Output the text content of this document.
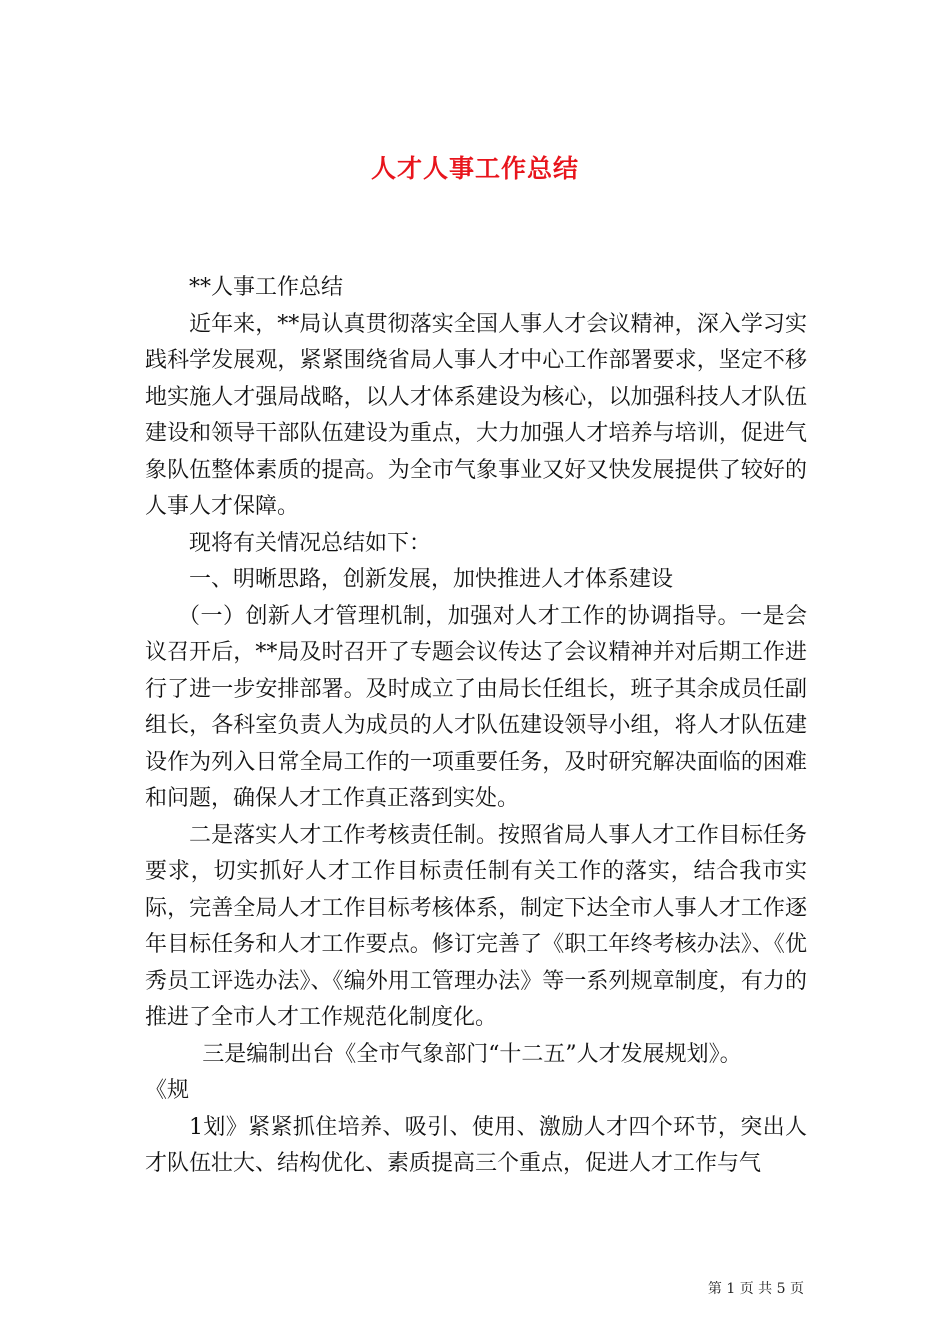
人才人事工作总结

**人事工作总结

近年来，**局认真贯彻落实全国人事人才会议精神，深入学习实践科学发展观，紧紧围绕省局人事人才中心工作部署要求，坚定不移地实施人才强局战略，以人才体系建设为核心，以加强科技人才队伍建设和领导干部队伍建设为重点，大力加强人才培养与培训，促进气象队伍整体素质的提高。为全市气象事业又好又快发展提供了较好的人事人才保障。

现将有关情况总结如下：

一、明晰思路，创新发展，加快推进人才体系建设

（一）创新人才管理机制，加强对人才工作的协调指导。一是会议召开后，**局及时召开了专题会议传达了会议精神并对后期工作进行了进一步安排部署。及时成立了由局长任组长，班子其余成员任副组长，各科室负责人为成员的人才队伍建设领导小组，将人才队伍建设作为列入日常全局工作的一项重要任务，及时研究解决面临的困难和问题，确保人才工作真正落到实处。

二是落实人才工作考核责任制。按照省局人事人才工作目标任务要求，切实抓好人才工作目标责任制有关工作的落实，结合我市实际，完善全局人才工作目标考核体系，制定下达全市人事人才工作逐年目标任务和人才工作要点。修订完善了《职工年终考核办法》、《优秀员工评选办法》、《编外用工管理办法》等一系列规章制度，有力的推进了全市人才工作规范化制度化。

三是编制出台《全市气象部门“十二五”人才发展规划》。

《规

1划》紧紧抓住培养、吸引、使用、激励人才四个环节，突出人才队伍壮大、结构优化、素质提高三个重点，促进人才工作与气

第 1 页 共 5 页
